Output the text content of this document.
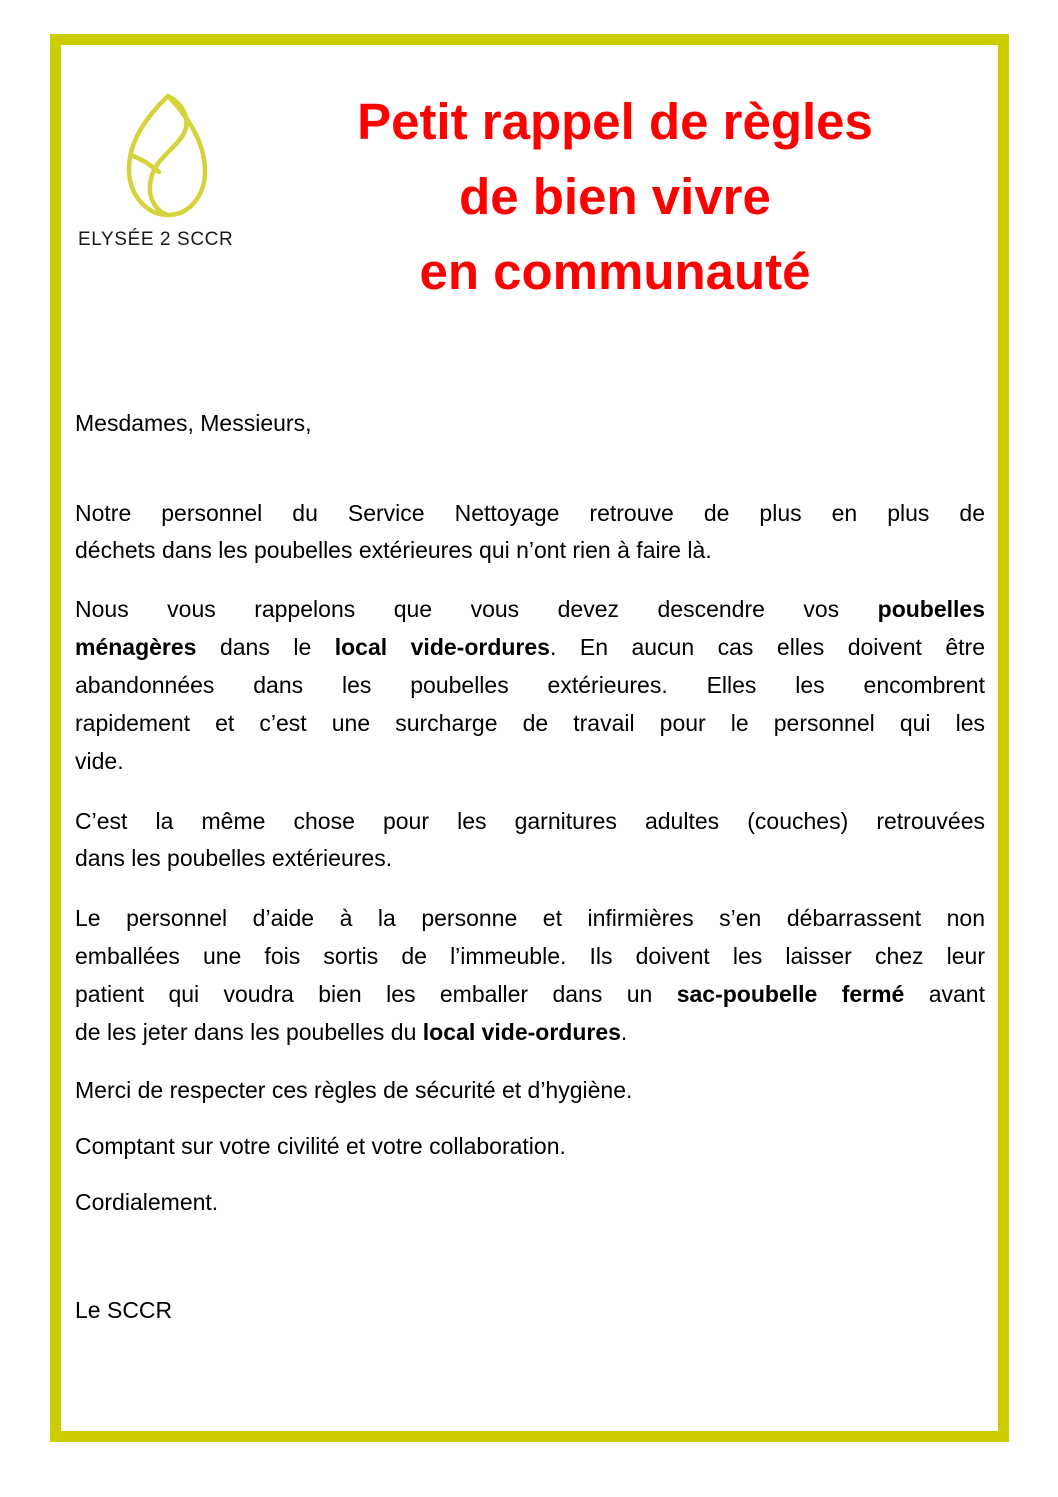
ELYSÉE 2 SCCR
Petit rappel de règles
de bien vivre
en communauté
Mesdames, Messieurs,
Notre personnel du Service Nettoyage retrouve de plus en plus de
déchets dans les poubelles extérieures qui n’ont rien à faire là.
Nous vous rappelons que vous devez descendre vos poubelles
ménagères dans le local vide-ordures. En aucun cas elles doivent être
abandonnées dans les poubelles extérieures. Elles les encombrent
rapidement et c’est une surcharge de travail pour le personnel qui les
vide.
C’est la même chose pour les garnitures adultes (couches) retrouvées
dans les poubelles extérieures.
Le personnel d’aide à la personne et infirmières s’en débarrassent non
emballées une fois sortis de l’immeuble. Ils doivent les laisser chez leur
patient qui voudra bien les emballer dans un sac-poubelle fermé avant
de les jeter dans les poubelles du local vide-ordures.
Merci de respecter ces règles de sécurité et d’hygiène.
Comptant sur votre civilité et votre collaboration.
Cordialement.
Le SCCR
